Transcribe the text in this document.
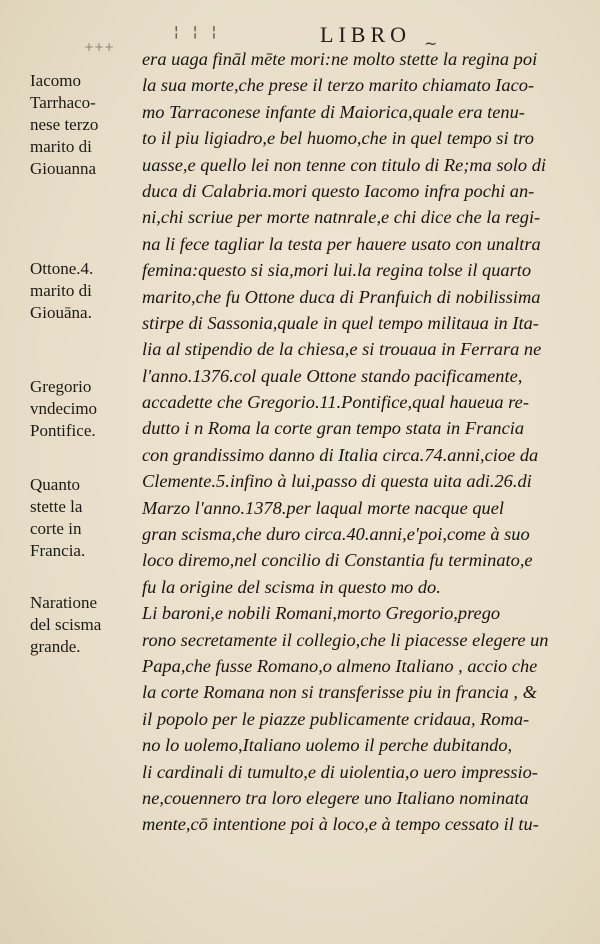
¦ ¦ ¦	LIBRO ~
+++
Iacomo
Tarrhaco-
nese terzo
marito di
Giouanna
Ottone.4.
marito di
Giouāna.
Gregorio
vndecimo
Pontifice.
Quanto
stette la
corte in
Francia.
Naratione
del scisma
grande.
era uaga fināl mēte mori:ne molto stette la regina poi
la sua morte,che prese il terzo marito chiamato Iaco-
mo Tarraconese infante di Maiorica,quale era tenu-
to il piu ligiadro,e bel huomo,che in quel tempo si tro
uasse,e quello lei non tenne con titulo di Re;ma solo di
duca di Calabria.mori questo Iacomo infra pochi an-
ni,chi scriue per morte natnrale,e chi dice che la regi-
na li fece tagliar la testa per hauere usato con unaltra
femina:questo si sia,mori lui.la regina tolse il quarto
marito,che fu Ottone duca di Pranfuich di nobilissima
stirpe di Sassonia,quale in quel tempo militaua in Ita-
lia al stipendio de la chiesa,e si trouaua in Ferrara ne
l'anno.1376.col quale Ottone stando pacificamente,
accadette che Gregorio.11.Pontifice,qual haueua re-
dutto i n Roma la corte gran tempo stata in Francia
con grandissimo danno di Italia circa.74.anni,cioe da
Clemente.5.infino à lui,passo di questa uita adi.26.di
Marzo l'anno.1378.per laqual morte nacque quel
gran scisma,che duro circa.40.anni,e'poi,come à suo
loco diremo,nel concilio di Constantia fu terminato,e
fu la origine del scisma in questo mo do.
Li baroni,e nobili Romani,morto Gregorio,prego
rono secretamente il collegio,che li piacesse elegere un
Papa,che fusse Romano,o almeno Italiano , accio che
la corte Romana non si transferisse piu in francia , &
il popolo per le piazze publicamente cridaua, Roma-
no lo uolemo,Italiano uolemo il perche dubitando,
li cardinali di tumulto,e di uiolentia,o uero impressio-
ne,couennero tra loro elegere uno Italiano nominata
mente,cō intentione poi à loco,e à tempo cessato il tu-
